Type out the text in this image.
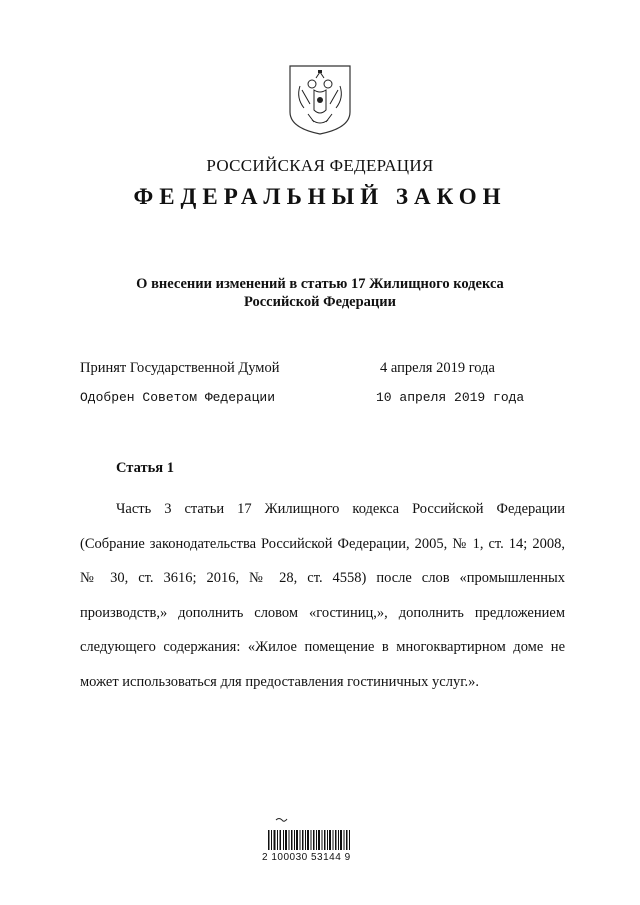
РОССИЙСКАЯ ФЕДЕРАЦИЯ
ФЕДЕРАЛЬНЫЙ ЗАКОН
О внесении изменений в статью 17 Жилищного кодекса
Российской Федерации
Принят Государственной Думой	4 апреля 2019 года
Одобрен Советом Федерации	10 апреля 2019 года
Статья 1

Часть 3 статьи 17 Жилищного кодекса Российской Федерации (Собрание законодательства Российской Федерации, 2005, № 1, ст. 14; 2008, № 30, ст. 3616; 2016, № 28, ст. 4558) после слов «промышленных производств,» дополнить словом «гостиниц,», дополнить предложением следующего содержания: «Жилое помещение в многоквартирном доме не может использоваться для предоставления гостиничных услуг.».

2 100030 53144 9
